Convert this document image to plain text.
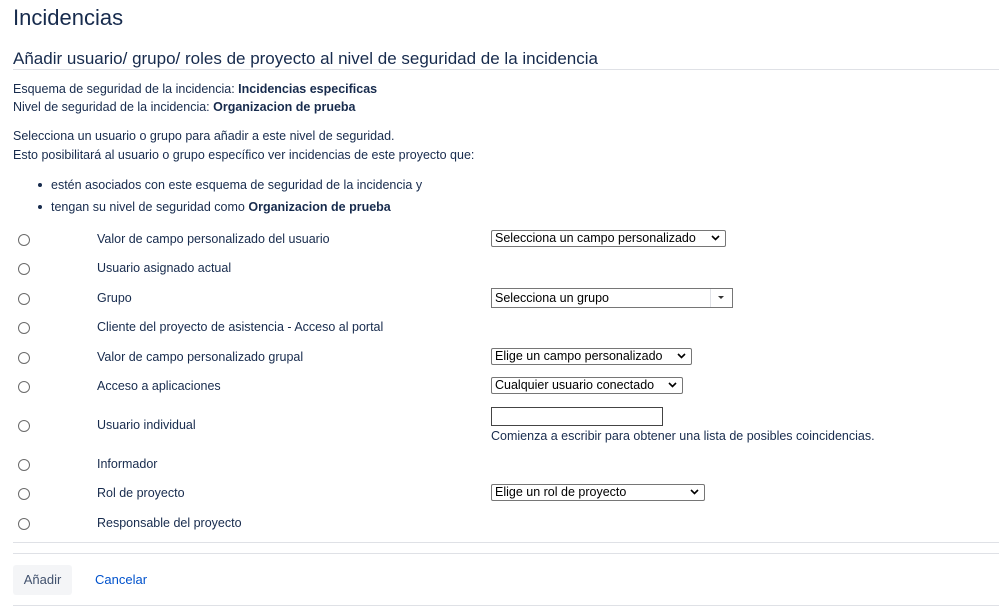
Incidencias
Añadir usuario/ grupo/ roles de proyecto al nivel de seguridad de la incidencia
Esquema de seguridad de la incidencia: Incidencias especificas
Nivel de seguridad de la incidencia: Organizacion de prueba
Selecciona un usuario o grupo para añadir a este nivel de seguridad.
Esto posibilitará al usuario o grupo específico ver incidencias de este proyecto que:
estén asociados con este esquema de seguridad de la incidencia y
tengan su nivel de seguridad como Organizacion de prueba
Valor de campo personalizado del usuario	Selecciona un campo personalizado
Usuario asignado actual
Grupo	Selecciona un grupo
Cliente del proyecto de asistencia - Acceso al portal
Valor de campo personalizado grupal	Elige un campo personalizado
Acceso a aplicaciones	Cualquier usuario conectado
Usuario individual
Comienza a escribir para obtener una lista de posibles coincidencias.
Informador
Rol de proyecto	Elige un rol de proyecto
Responsable del proyecto
Añadir	Cancelar
